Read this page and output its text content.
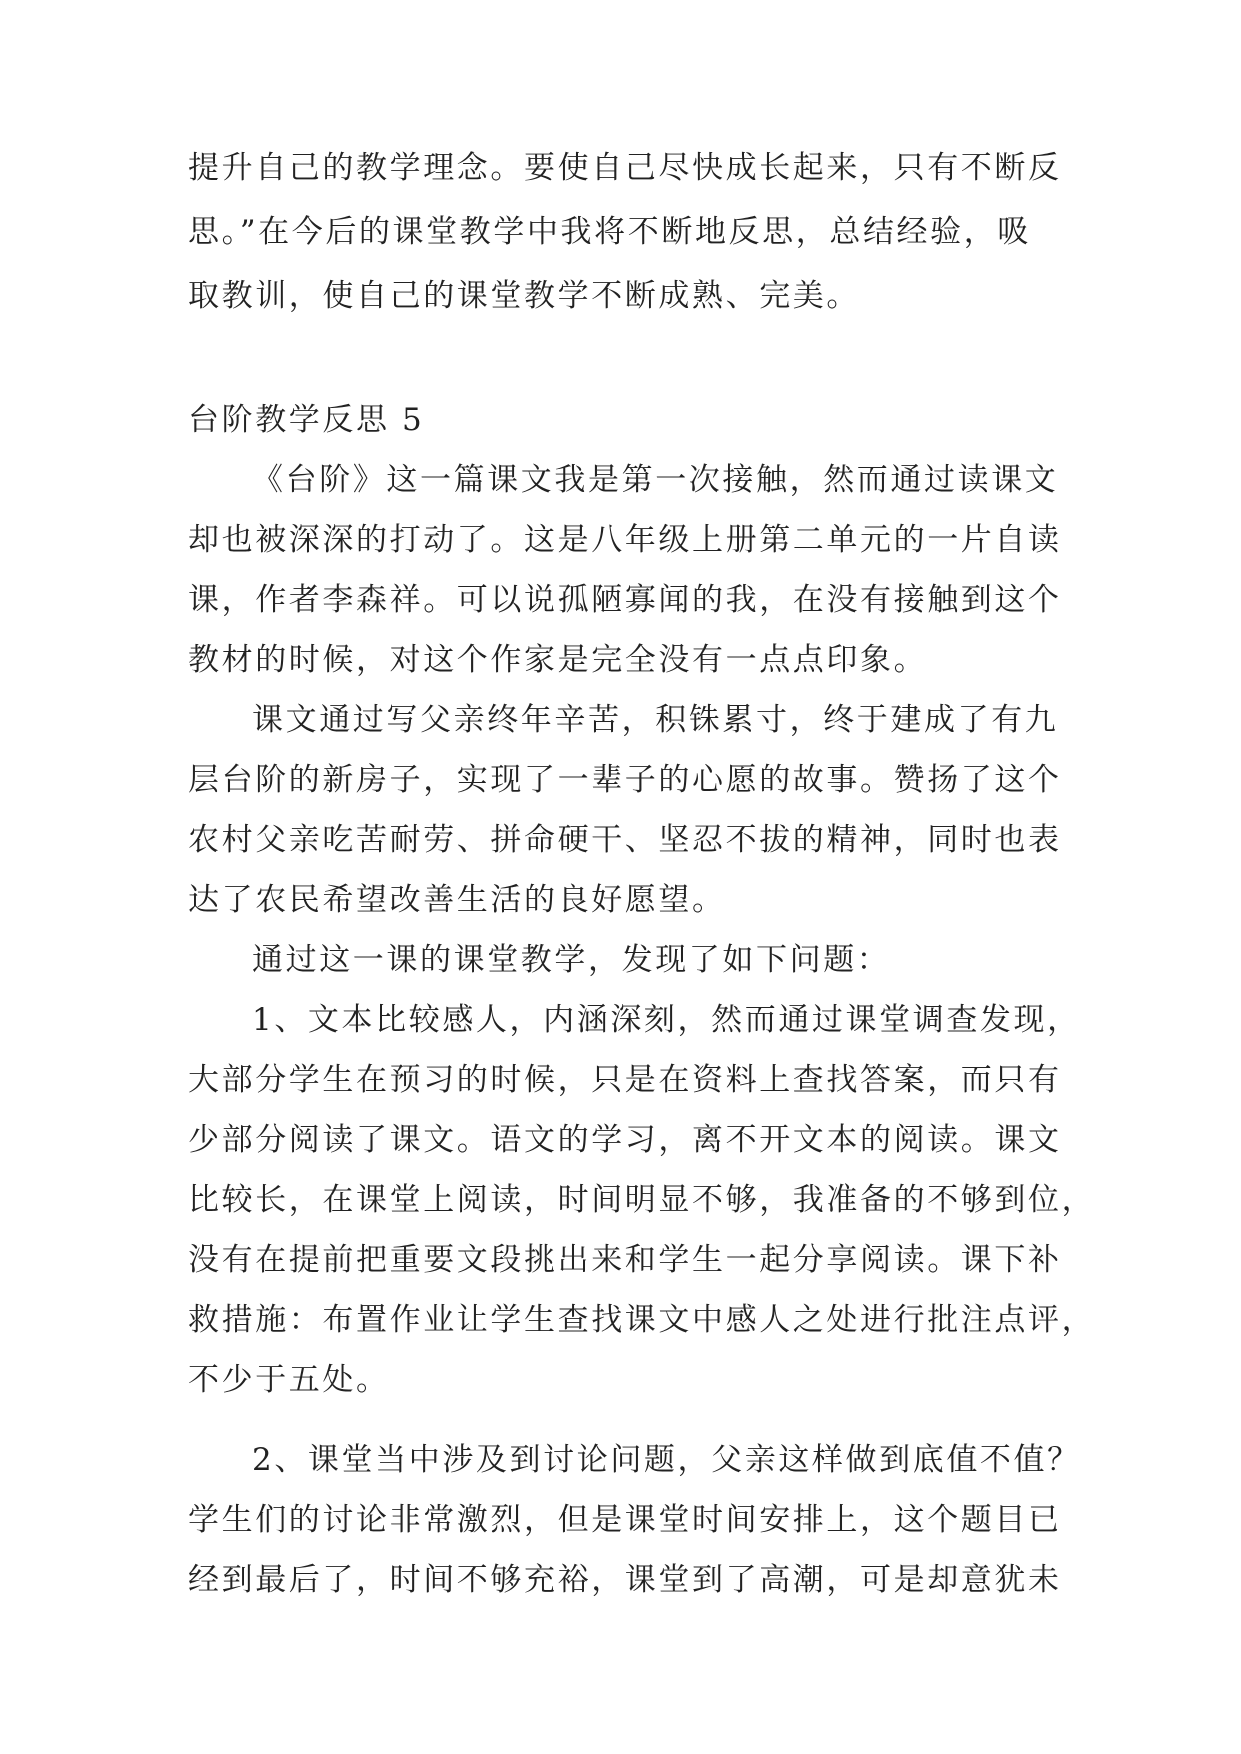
提升自己的教学理念。要使自己尽快成长起来，只有不断反
思。”在今后的课堂教学中我将不断地反思，总结经验，吸
取教训，使自己的课堂教学不断成熟、完美。
台阶教学反思 5
《台阶》这一篇课文我是第一次接触，然而通过读课文
却也被深深的打动了。这是八年级上册第二单元的一片自读
课，作者李森祥。可以说孤陋寡闻的我，在没有接触到这个
教材的时候，对这个作家是完全没有一点点印象。
课文通过写父亲终年辛苦，积铢累寸，终于建成了有九
层台阶的新房子，实现了一辈子的心愿的故事。赞扬了这个
农村父亲吃苦耐劳、拼命硬干、坚忍不拔的精神，同时也表
达了农民希望改善生活的良好愿望。
通过这一课的课堂教学，发现了如下问题：
1、文本比较感人，内涵深刻，然而通过课堂调查发现，
大部分学生在预习的时候，只是在资料上查找答案，而只有
少部分阅读了课文。语文的学习，离不开文本的阅读。课文
比较长，在课堂上阅读，时间明显不够，我准备的不够到位，
没有在提前把重要文段挑出来和学生一起分享阅读。课下补
救措施：布置作业让学生查找课文中感人之处进行批注点评，
不少于五处。
2、课堂当中涉及到讨论问题，父亲这样做到底值不值？
学生们的讨论非常激烈，但是课堂时间安排上，这个题目已
经到最后了，时间不够充裕，课堂到了高潮，可是却意犹未
